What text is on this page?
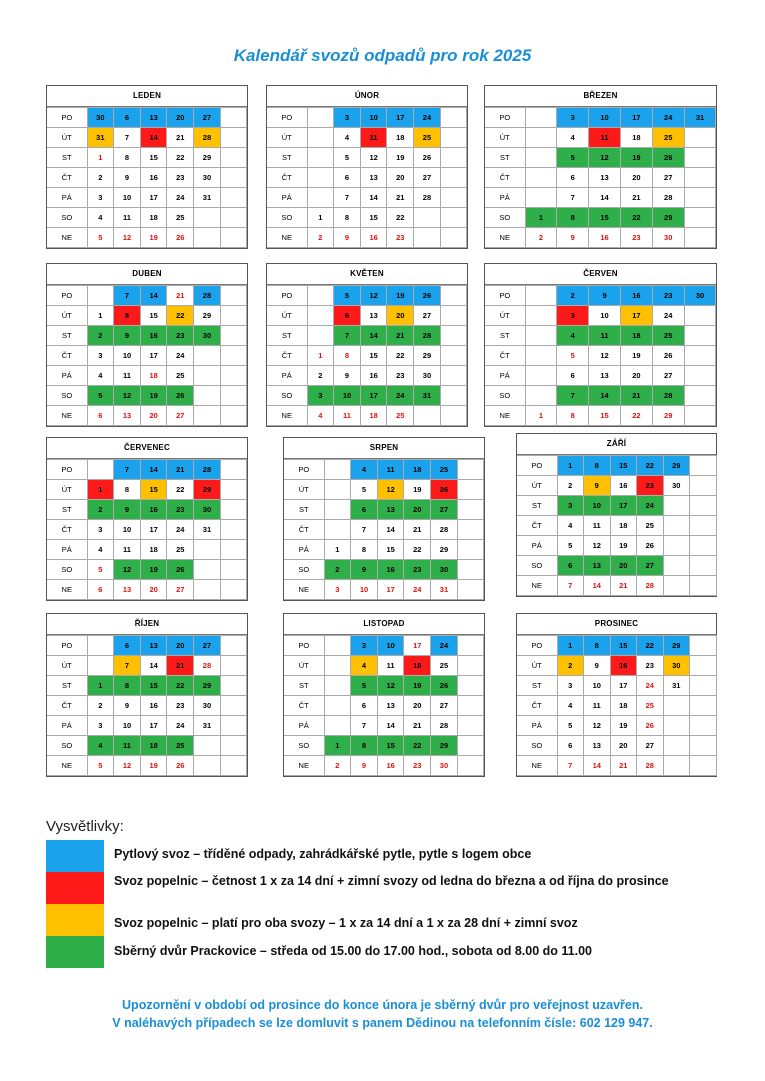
Kalendář svozů odpadů pro rok 2025
LEDEN
PO	30	6	13	20	27	
ÚT	31	7	14	21	28	
ST	1	8	15	22	29	
ČT	2	9	16	23	30	
PÁ	3	10	17	24	31	
SO	4	11	18	25		
NE	5	12	19	26		
ÚNOR
PO		3	10	17	24	
ÚT		4	11	18	25	
ST		5	12	19	26	
ČT		6	13	20	27	
PÁ		7	14	21	28	
SO	1	8	15	22		
NE	2	9	16	23		
BŘEZEN
PO		3	10	17	24	31
ÚT		4	11	18	25	
ST		5	12	19	26	
ČT		6	13	20	27	
PÁ		7	14	21	28	
SO	1	8	15	22	29	
NE	2	9	16	23	30	
DUBEN
PO		7	14	21	28	
ÚT	1	8	15	22	29	
ST	2	9	16	23	30	
ČT	3	10	17	24		
PÁ	4	11	18	25		
SO	5	12	19	26		
NE	6	13	20	27		
KVĚTEN
PO		5	12	19	26	
ÚT		6	13	20	27	
ST		7	14	21	28	
ČT	1	8	15	22	29	
PÁ	2	9	16	23	30	
SO	3	10	17	24	31	
NE	4	11	18	25		
ČERVEN
PO		2	9	16	23	30
ÚT		3	10	17	24	
ST		4	11	18	25	
ČT		5	12	19	26	
PÁ		6	13	20	27	
SO		7	14	21	28	
NE	1	8	15	22	29	
ČERVENEC
PO		7	14	21	28	
ÚT	1	8	15	22	29	
ST	2	9	16	23	30	
ČT	3	10	17	24	31	
PÁ	4	11	18	25		
SO	5	12	19	26		
NE	6	13	20	27		
SRPEN
PO		4	11	18	25	
ÚT		5	12	19	26	
ST		6	13	20	27	
ČT		7	14	21	28	
PÁ	1	8	15	22	29	
SO	2	9	16	23	30	
NE	3	10	17	24	31	
ZÁŘÍ
PO	1	8	15	22	29	
ÚT	2	9	16	23	30	
ST	3	10	17	24		
ČT	4	11	18	25		
PÁ	5	12	19	26		
SO	6	13	20	27		
NE	7	14	21	28		
ŘÍJEN
PO		6	13	20	27	
ÚT		7	14	21	28	
ST	1	8	15	22	29	
ČT	2	9	16	23	30	
PÁ	3	10	17	24	31	
SO	4	11	18	25		
NE	5	12	19	26		
LISTOPAD
PO		3	10	17	24	
ÚT		4	11	18	25	
ST		5	12	19	26	
ČT		6	13	20	27	
PÁ		7	14	21	28	
SO	1	8	15	22	29	
NE	2	9	16	23	30	
PROSINEC
PO	1	8	15	22	29	
ÚT	2	9	16	23	30	
ST	3	10	17	24	31	
ČT	4	11	18	25		
PÁ	5	12	19	26		
SO	6	13	20	27		
NE	7	14	21	28		
Vysvětlivky:
Pytlový svoz – tříděné odpady, zahrádkářské pytle, pytle s logem obce
Svoz popelnic – četnost 1 x za 14 dní + zimní svozy od ledna do března a od října do prosince
Svoz popelnic – platí pro oba svozy – 1 x za 14 dní a 1 x za 28 dní + zimní svoz
Sběrný dvůr Prackovice – středa od 15.00 do 17.00 hod., sobota od 8.00 do 11.00
Upozornění v období od prosince do konce února je sběrný dvůr pro veřejnost uzavřen.
V naléhavých případech se lze domluvit s panem Dědinou na telefonním čísle: 602 129 947.
